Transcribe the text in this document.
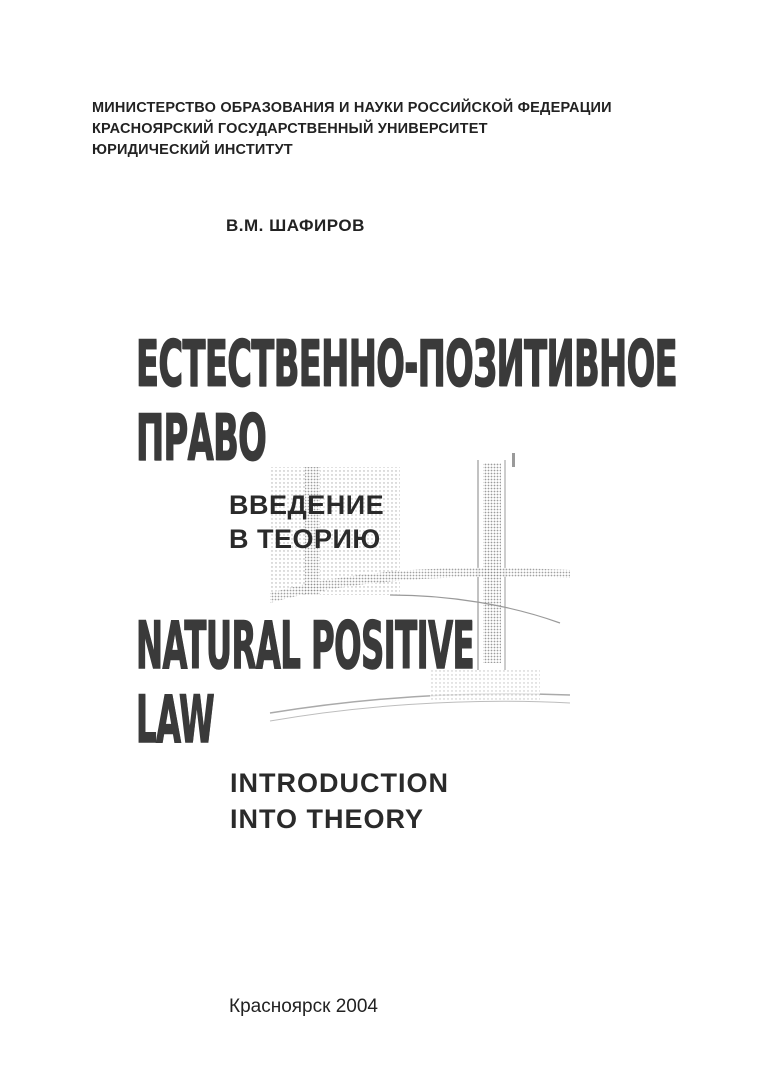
МИНИСТЕРСТВО ОБРАЗОВАНИЯ И НАУКИ РОССИЙСКОЙ ФЕДЕРАЦИИ
КРАСНОЯРСКИЙ ГОСУДАРСТВЕННЫЙ УНИВЕРСИТЕТ
ЮРИДИЧЕСКИЙ ИНСТИТУТ
В.М. ШАФИРОВ
ЕСТЕСТВЕННО-ПОЗИТИВНОЕ
ПРАВО
ВВЕДЕНИЕ
В ТЕОРИЮ
NATURAL POSITIVE
LAW
INTRODUCTION
INTO THEORY
Красноярск 2004
